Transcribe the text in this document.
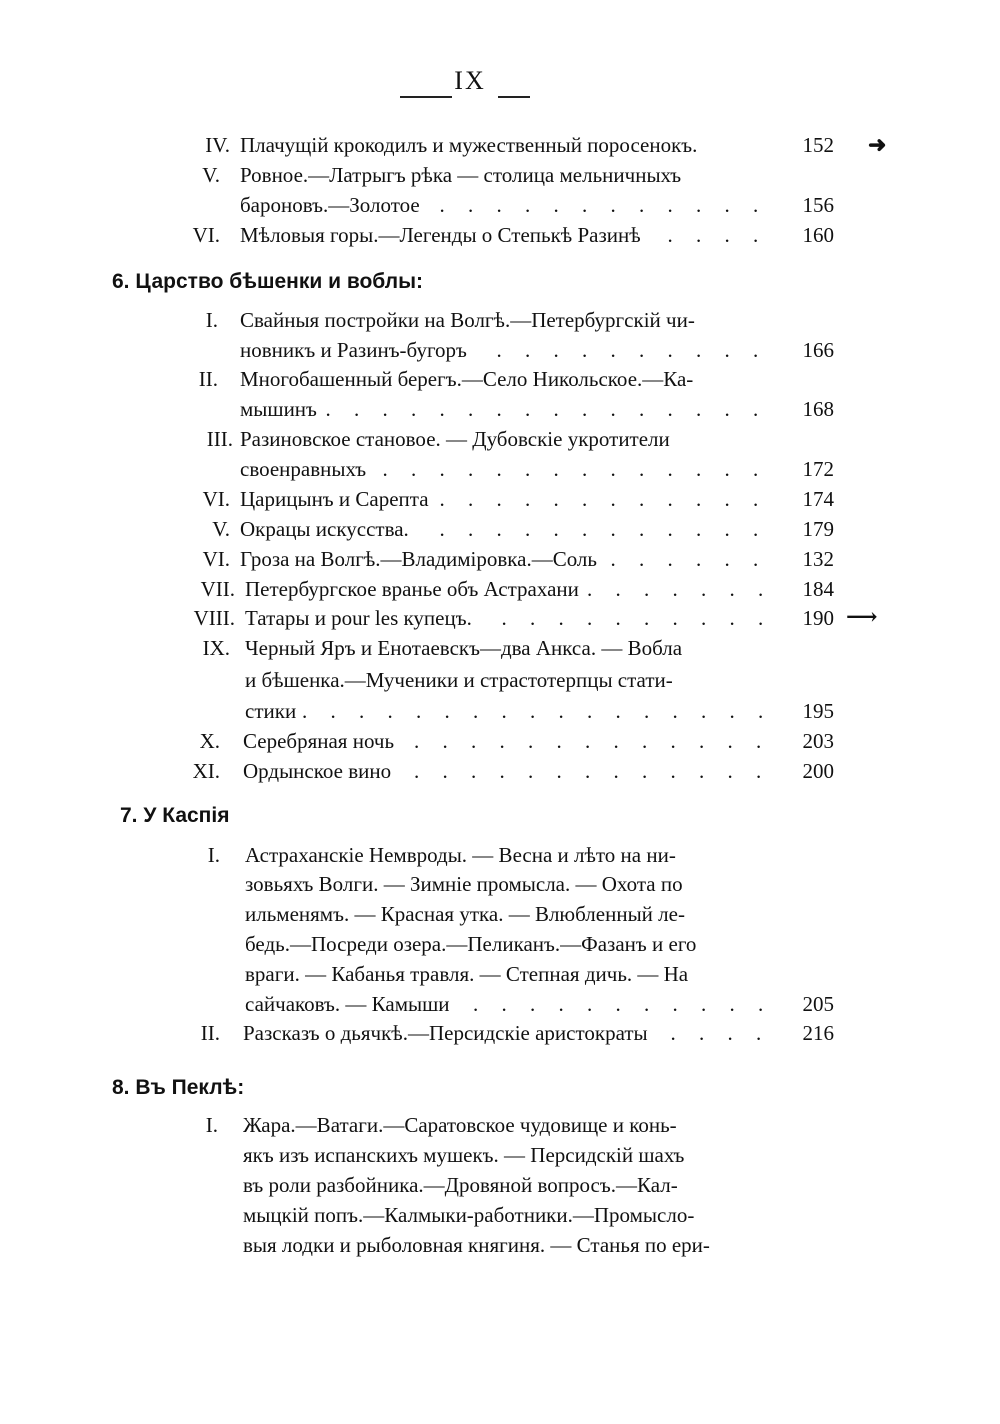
IX
IV. Плачущій крокодилъ и мужественный поросенокъ.	152
V. Ровное.—Латрыгъ рѣка — столица мельничныхъ
бароновъ.—Золотое . . .	156
VI. Мѣловыя горы.—Легенды о Степькѣ Разинѣ . . .	160
6. Царство бѣшенки и воблы:
I. Свайныя постройки на Волгѣ.—Петербургскій чи-
новникъ и Разинъ-бугоръ . . .	166
II. Многобашенный берегъ.—Село Никольское.—Ка-
мышинъ . . .	168
III. Разиновское становое. — Дубовскіе укротители
своенравныхъ . . .	172
VI. Царицынъ и Сарепта . . .	174
V. Окрацы искусства. . . .	179
VI. Гроза на Волгѣ.—Владиміровка.—Соль . . .	132
VII. Петербургское вранье объ Астрахани . . .	184
VIII. Татары и pour les купецъ. . . .	190
IX. Черный Яръ и Енотаевскъ—два Анкса. — Вобла
и бѣшенка.—Мученики и страстотерпцы стати-
стики . . .	195
X. Серебряная ночь . . .	203
XI. Ордынское вино . . .	200
7. У Каспія
I. Астраханскіе Немвроды. — Весна и лѣто на ни-
зовьяхъ Волги. — Зимніе промысла. — Охота по
ильменямъ. — Красная утка. — Влюбленный ле-
бедь.—Посреди озера.—Пеликанъ.—Фазанъ и его
враги. — Кабанья травля. — Степная дичь. — На
сайчаковъ. — Камыши . . .	205
II. Разсказъ о дьячкѣ.—Персидскіе аристократы . . .	216
8. Въ Пеклѣ:
I. Жара.—Ватаги.—Саратовское чудовище и конь-
якъ изъ испанскихъ мушекъ. — Персидскій шахъ
въ роли разбойника.—Дровяной вопросъ.—Кал-
мыцкій попъ.—Калмыки-работники.—Промысло-
выя лодки и рыболовная княгиня. — Станья по ери-
➜
⟶
